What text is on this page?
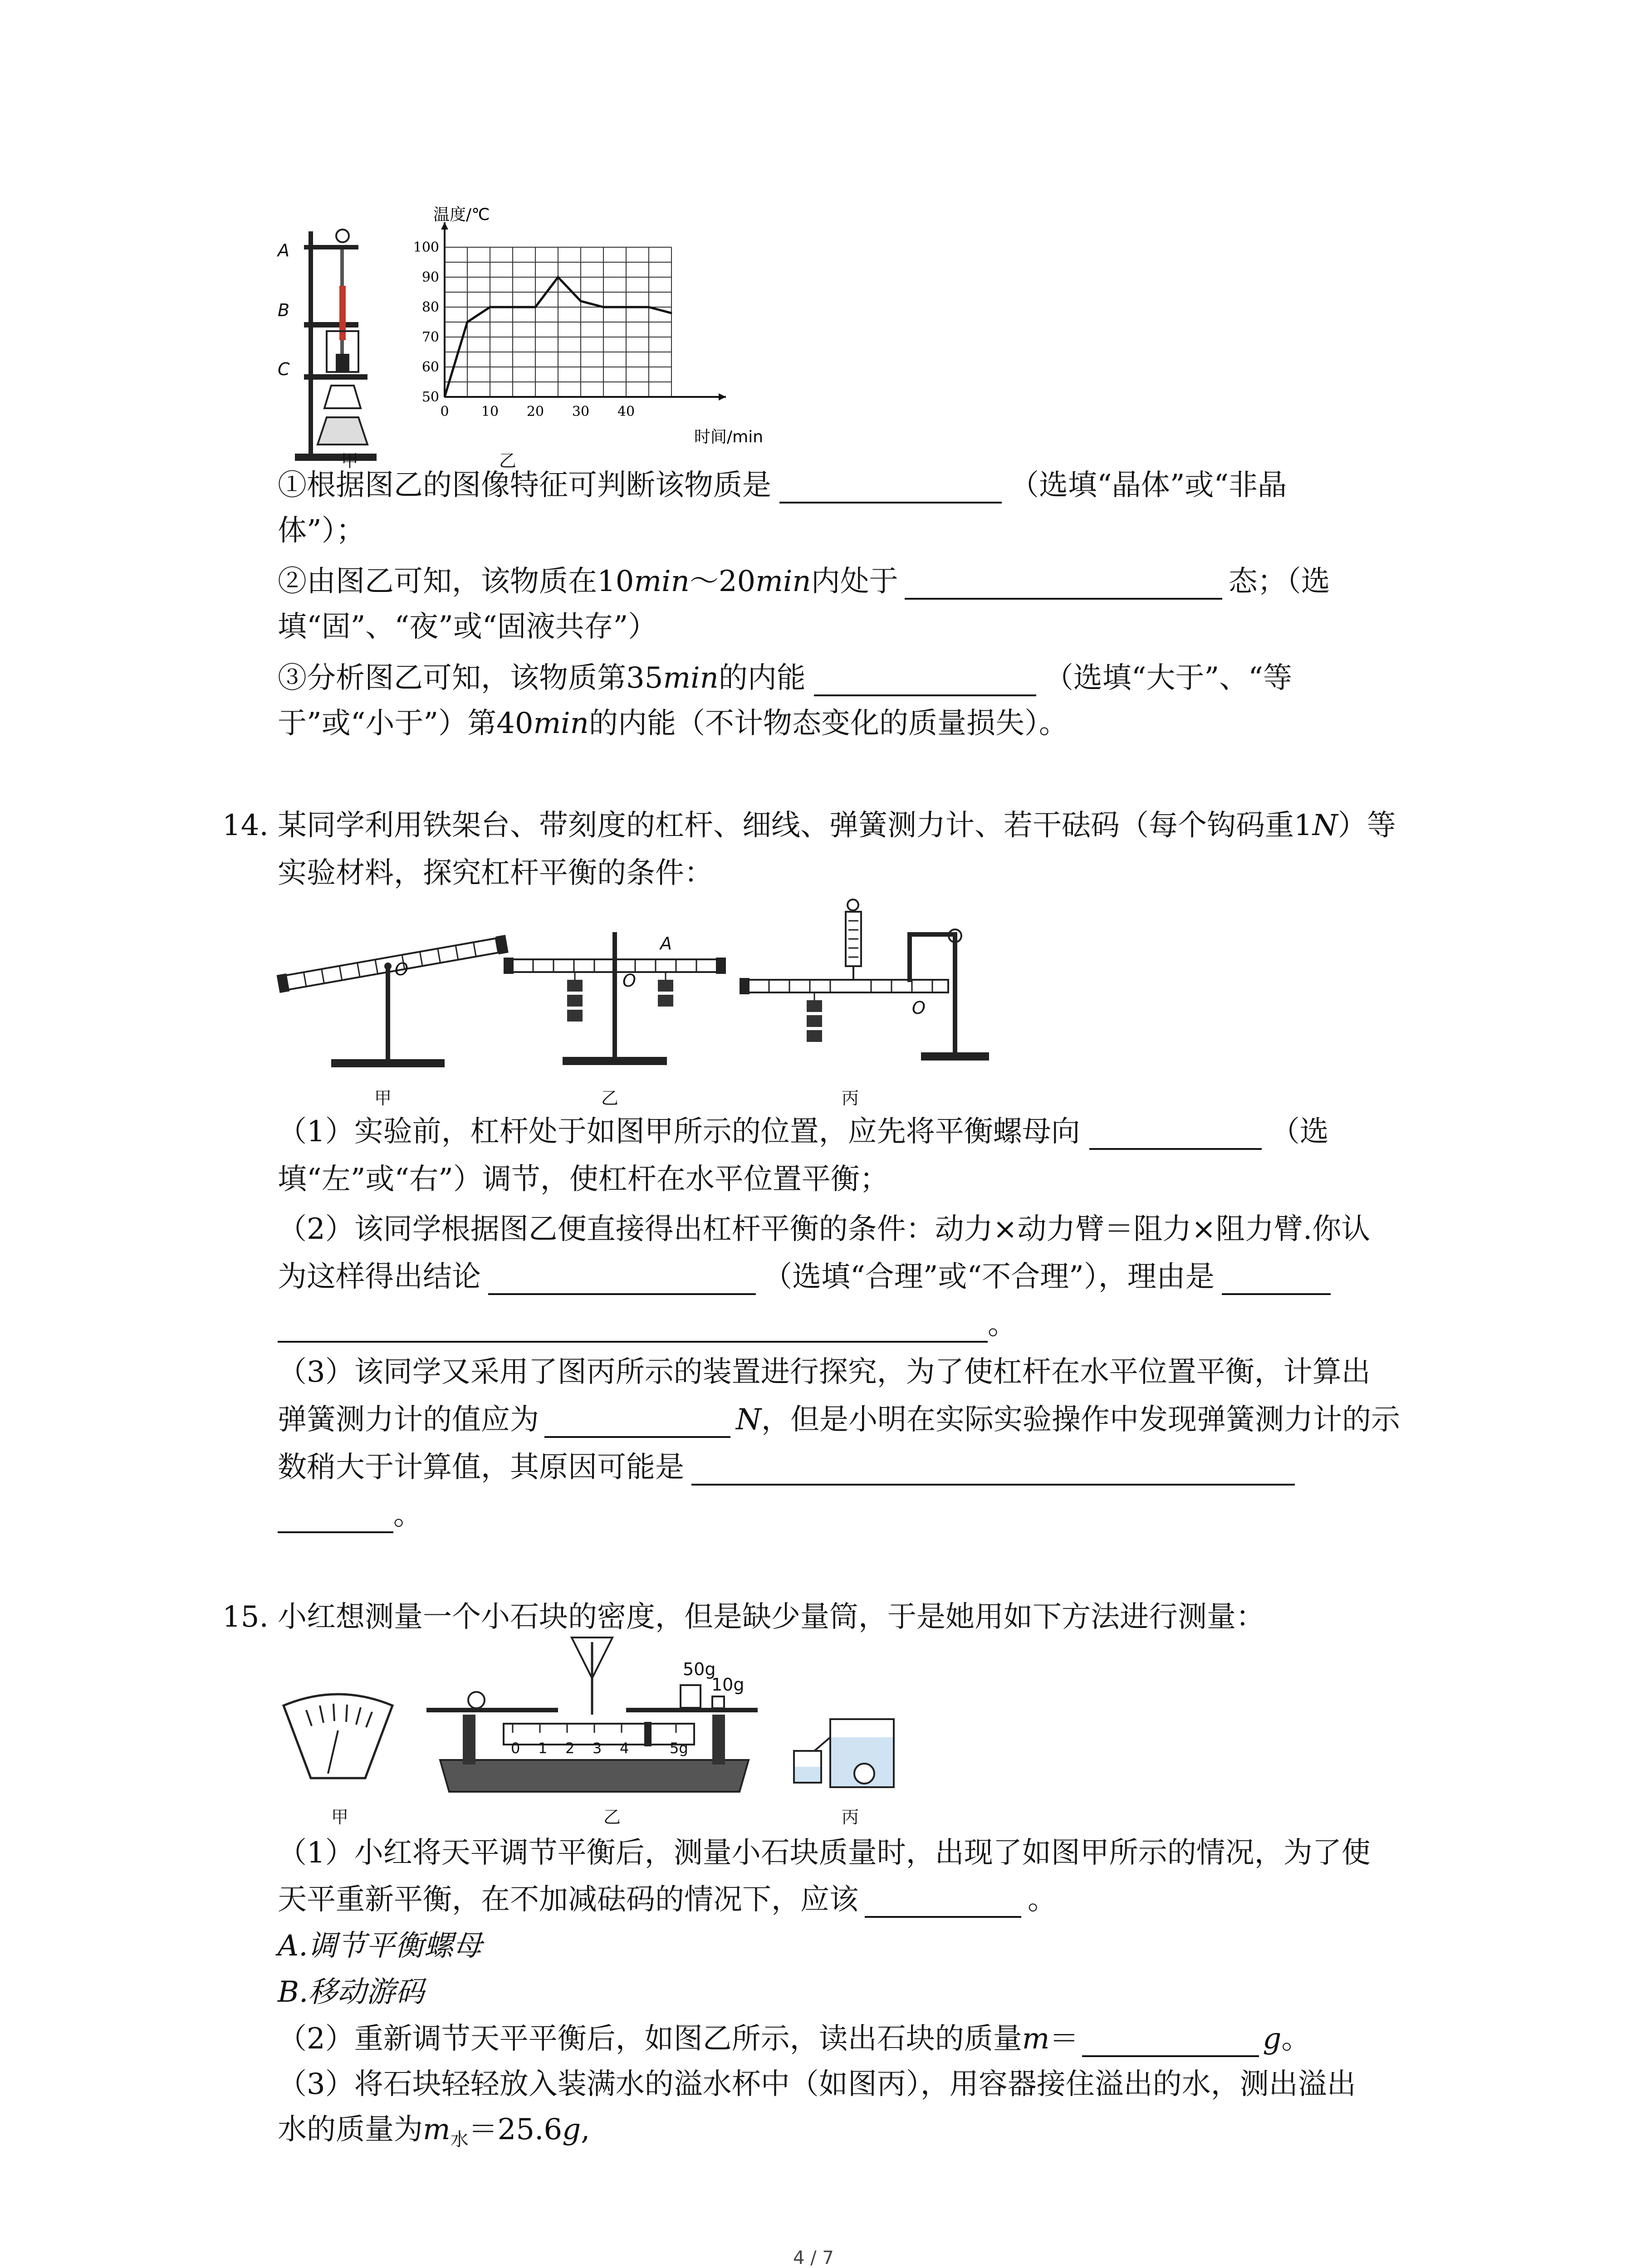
A
B
C
甲
50
60
70
80
90
100
0 10 20 30 40
温度/℃
时间/min
乙
①根据图乙的图像特征可判断该物质是	（选填“晶体”或“非晶
体”）；
②由图乙可知，该物质在10min～20min内处于	态；（选
填“固”、“夜”或“固液共存”）
③分析图乙可知，该物质第35min的内能	（选填“大于”、“等
于”或“小于”）第40min的内能（不计物态变化的质量损失）。
14. 某同学利用铁架台、带刻度的杠杆、细线、弹簧测力计、若干砝码（每个钩码重1N）等
实验材料，探究杠杆平衡的条件：
O
甲
O
A
乙
O
丙
（1）实验前，杠杆处于如图甲所示的位置，应先将平衡螺母向	（选
填“左”或“右”）调节，使杠杆在水平位置平衡；
（2）该同学根据图乙便直接得出杠杆平衡的条件：动力×动力臂＝阻力×阻力臂.你认
为这样得出结论	（选填“合理”或“不合理”），理由是
。
（3）该同学又采用了图丙所示的装置进行探究，为了使杠杆在水平位置平衡，计算出
弹簧测力计的值应为	N，但是小明在实际实验操作中发现弹簧测力计的示
数稍大于计算值，其原因可能是
。
15. 小红想测量一个小石块的密度，但是缺少量筒，于是她用如下方法进行测量：
甲
50g
10g
0 1 2 3 4	5g
乙	丙
（1）小红将天平调节平衡后，测量小石块质量时，出现了如图甲所示的情况，为了使
天平重新平衡，在不加减砝码的情况下，应该	。
A.调节平衡螺母
B.移动游码
（2）重新调节天平平衡后，如图乙所示，读出石块的质量m＝	g。
（3）将石块轻轻放入装满水的溢水杯中（如图丙），用容器接住溢出的水，测出溢出
水的质量为$m_水=25.6g$,
4 / 7
